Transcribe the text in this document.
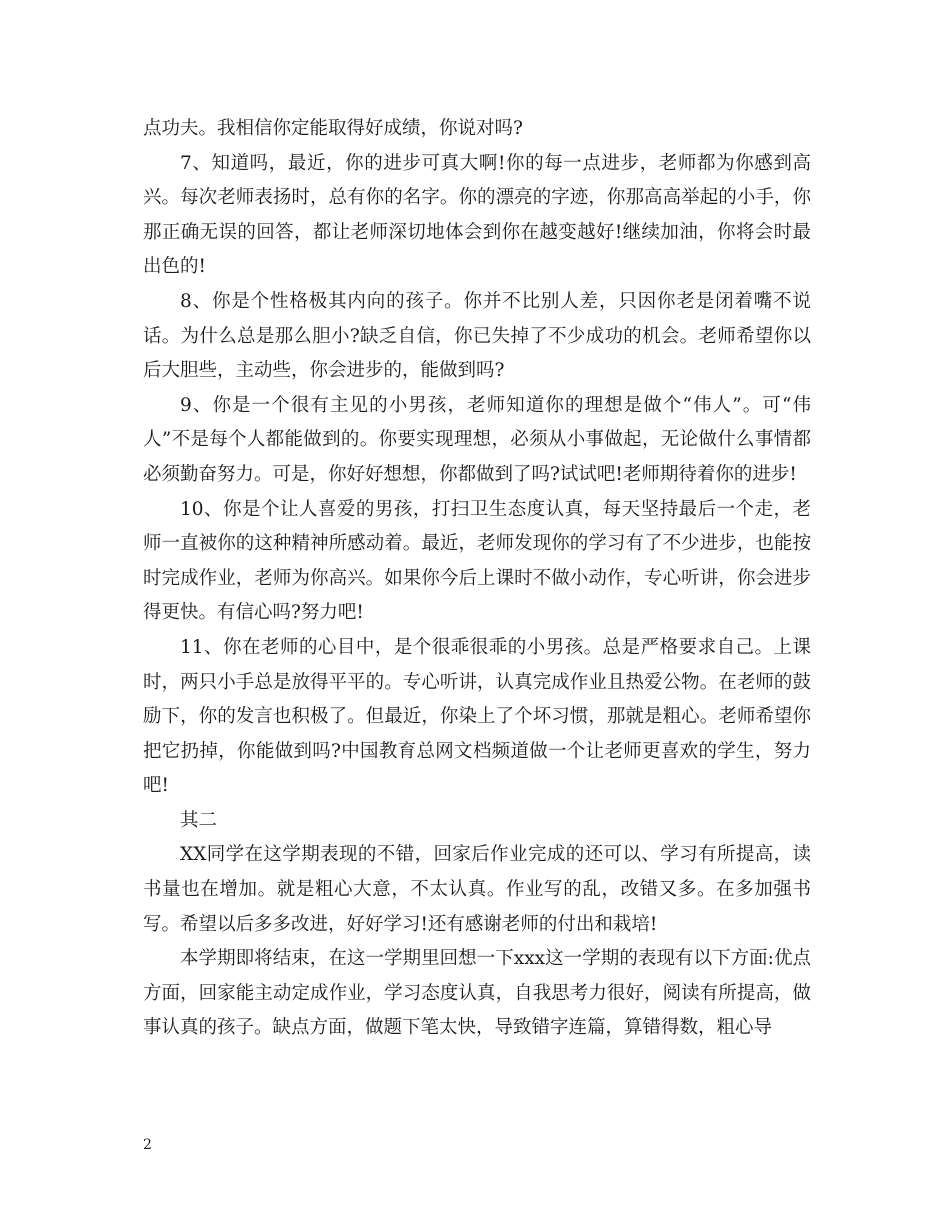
点功夫。我相信你定能取得好成绩，你说对吗?

7、知道吗，最近，你的进步可真大啊!你的每一点进步，老师都为你感到高兴。每次老师表扬时，总有你的名字。你的漂亮的字迹，你那高高举起的小手，你那正确无误的回答，都让老师深切地体会到你在越变越好!继续加油，你将会时最出色的!

8、你是个性格极其内向的孩子。你并不比别人差，只因你老是闭着嘴不说话。为什么总是那么胆小?缺乏自信，你已失掉了不少成功的机会。老师希望你以后大胆些，主动些，你会进步的，能做到吗?

9、你是一个很有主见的小男孩，老师知道你的理想是做个“伟人”。可“伟人”不是每个人都能做到的。你要实现理想，必须从小事做起，无论做什么事情都必须勤奋努力。可是，你好好想想，你都做到了吗?试试吧!老师期待着你的进步!

10、你是个让人喜爱的男孩，打扫卫生态度认真，每天坚持最后一个走，老师一直被你的这种精神所感动着。最近，老师发现你的学习有了不少进步，也能按时完成作业，老师为你高兴。如果你今后上课时不做小动作，专心听讲，你会进步得更快。有信心吗?努力吧!

11、你在老师的心目中，是个很乖很乖的小男孩。总是严格要求自己。上课时，两只小手总是放得平平的。专心听讲，认真完成作业且热爱公物。在老师的鼓励下，你的发言也积极了。但最近，你染上了个坏习惯，那就是粗心。老师希望你把它扔掉，你能做到吗?中国教育总网文档频道做一个让老师更喜欢的学生，努力吧!

其二

XX同学在这学期表现的不错，回家后作业完成的还可以、学习有所提高，读书量也在增加。就是粗心大意，不太认真。作业写的乱，改错又多。在多加强书写。希望以后多多改进，好好学习!还有感谢老师的付出和栽培!

本学期即将结束，在这一学期里回想一下xxx这一学期的表现有以下方面:优点方面，回家能主动定成作业，学习态度认真，自我思考力很好，阅读有所提高，做事认真的孩子。缺点方面，做题下笔太快，导致错字连篇，算错得数，粗心导

2
